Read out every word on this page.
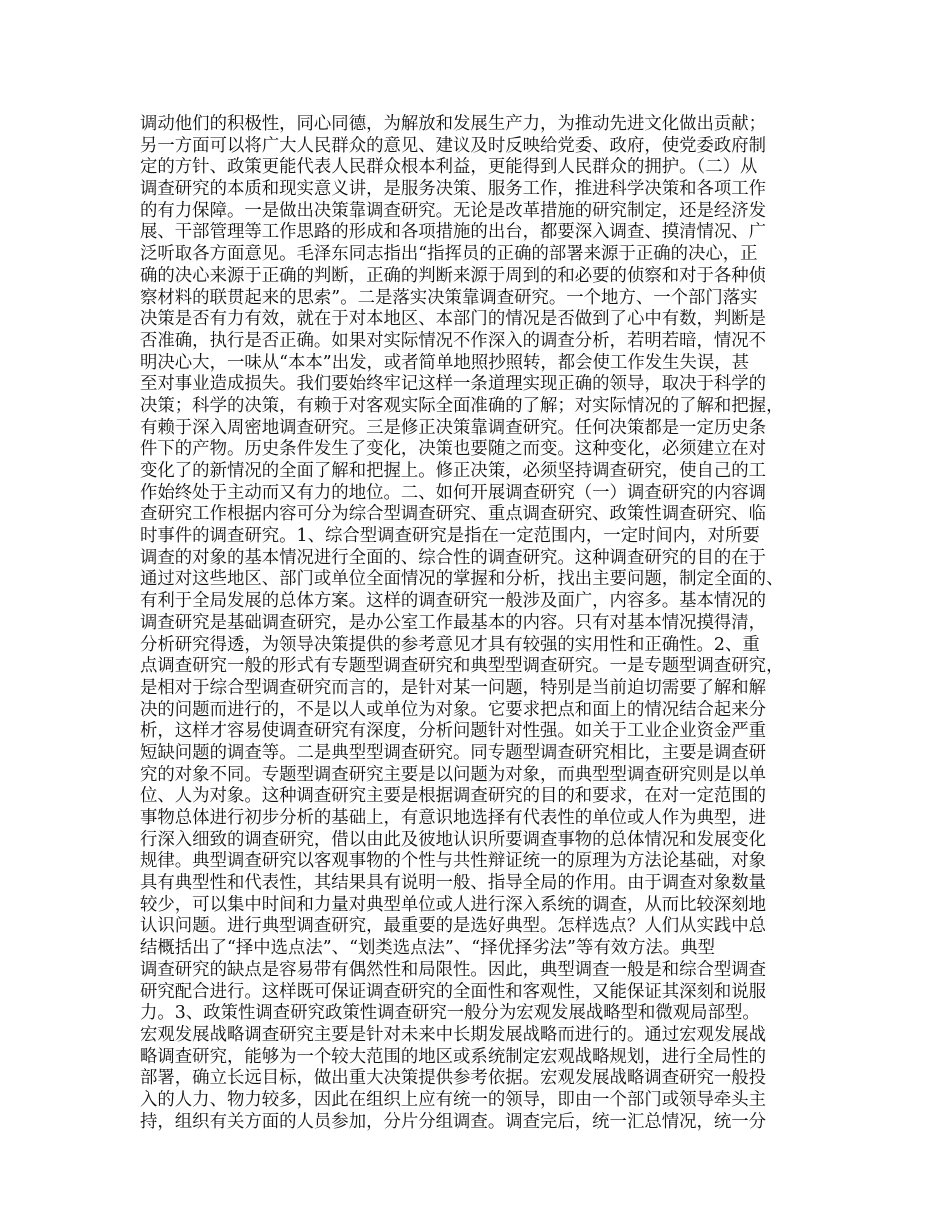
调动他们的积极性，同心同德，为解放和发展生产力，为推动先进文化做出贡献；
另一方面可以将广大人民群众的意见、建议及时反映给党委、政府，使党委政府制
定的方针、政策更能代表人民群众根本利益，更能得到人民群众的拥护。（二）从
调查研究的本质和现实意义讲，是服务决策、服务工作，推进科学决策和各项工作
的有力保障。一是做出决策靠调查研究。无论是改革措施的研究制定，还是经济发
展、干部管理等工作思路的形成和各项措施的出台，都要深入调查、摸清情况、广
泛听取各方面意见。毛泽东同志指出“指挥员的正确的部署来源于正确的决心，正
确的决心来源于正确的判断，正确的判断来源于周到的和必要的侦察和对于各种侦
察材料的联贯起来的思索”。二是落实决策靠调查研究。一个地方、一个部门落实
决策是否有力有效，就在于对本地区、本部门的情况是否做到了心中有数，判断是
否准确，执行是否正确。如果对实际情况不作深入的调查分析，若明若暗，情况不
明决心大，一味从“本本”出发，或者简单地照抄照转，都会使工作发生失误，甚
至对事业造成损失。我们要始终牢记这样一条道理实现正确的领导，取决于科学的
决策；科学的决策，有赖于对客观实际全面准确的了解；对实际情况的了解和把握，
有赖于深入周密地调查研究。三是修正决策靠调查研究。任何决策都是一定历史条
件下的产物。历史条件发生了变化，决策也要随之而变。这种变化，必须建立在对
变化了的新情况的全面了解和把握上。修正决策，必须坚持调查研究，使自己的工
作始终处于主动而又有力的地位。二、如何开展调查研究（一）调查研究的内容调
查研究工作根据内容可分为综合型调查研究、重点调查研究、政策性调查研究、临
时事件的调查研究。1、综合型调查研究是指在一定范围内，一定时间内，对所要
调查的对象的基本情况进行全面的、综合性的调查研究。这种调查研究的目的在于
通过对这些地区、部门或单位全面情况的掌握和分析，找出主要问题，制定全面的、
有利于全局发展的总体方案。这样的调查研究一般涉及面广，内容多。基本情况的
调查研究是基础调查研究，是办公室工作最基本的内容。只有对基本情况摸得清，
分析研究得透，为领导决策提供的参考意见才具有较强的实用性和正确性。2、重
点调查研究一般的形式有专题型调查研究和典型型调查研究。一是专题型调查研究，
是相对于综合型调查研究而言的，是针对某一问题，特别是当前迫切需要了解和解
决的问题而进行的，不是以人或单位为对象。它要求把点和面上的情况结合起来分
析，这样才容易使调查研究有深度，分析问题针对性强。如关于工业企业资金严重
短缺问题的调查等。二是典型型调查研究。同专题型调查研究相比，主要是调查研
究的对象不同。专题型调查研究主要是以问题为对象，而典型型调查研究则是以单
位、人为对象。这种调查研究主要是根据调查研究的目的和要求，在对一定范围的
事物总体进行初步分析的基础上，有意识地选择有代表性的单位或人作为典型，进
行深入细致的调查研究，借以由此及彼地认识所要调查事物的总体情况和发展变化
规律。典型调查研究以客观事物的个性与共性辩证统一的原理为方法论基础，对象
具有典型性和代表性，其结果具有说明一般、指导全局的作用。由于调查对象数量
较少，可以集中时间和力量对典型单位或人进行深入系统的调查，从而比较深刻地
认识问题。进行典型调查研究，最重要的是选好典型。怎样选点？人们从实践中总
结概括出了“择中选点法”、“划类选点法”、“择优择劣法”等有效方法。典型
调查研究的缺点是容易带有偶然性和局限性。因此，典型调查一般是和综合型调查
研究配合进行。这样既可保证调查研究的全面性和客观性，又能保证其深刻和说服
力。3、政策性调查研究政策性调查研究一般分为宏观发展战略型和微观局部型。
宏观发展战略调查研究主要是针对未来中长期发展战略而进行的。通过宏观发展战
略调查研究，能够为一个较大范围的地区或系统制定宏观战略规划，进行全局性的
部署，确立长远目标，做出重大决策提供参考依据。宏观发展战略调查研究一般投
入的人力、物力较多，因此在组织上应有统一的领导，即由一个部门或领导牵头主
持，组织有关方面的人员参加，分片分组调查。调查完后，统一汇总情况，统一分
